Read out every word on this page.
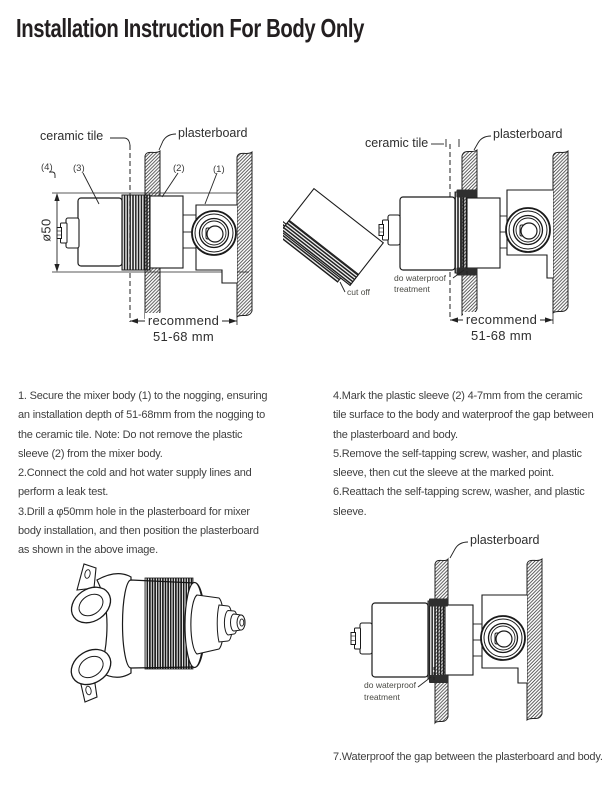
Installation Instruction For Body Only
ceramic tile	plasterboard
(4) (3)	(2)	(1)
ø50
recommend
51-68 mm
ceramic tile
plasterboard
cut off
do waterproof
treatment
recommend
51-68 mm
1. Secure the mixer body (1) to the nogging, ensuring
an installation depth of 51-68mm from the nogging to
the ceramic tile. Note: Do not remove the plastic
sleeve (2) from the mixer body.
2.Connect the cold and hot water supply lines and
perform a leak test.
3.Drill a φ50mm hole in the plasterboard for mixer
body installation, and then position the plasterboard
as shown in the above image.
4.Mark the plastic sleeve (2) 4-7mm from the ceramic
tile surface to the body and waterproof the gap between
the plasterboard and body.
5.Remove the self-tapping screw, washer, and plastic
sleeve, then cut the sleeve at the marked point.
6.Reattach the self-tapping screw, washer, and plastic
sleeve.
plasterboard
do waterproof
treatment
7.Waterproof the gap between the plasterboard and body.
